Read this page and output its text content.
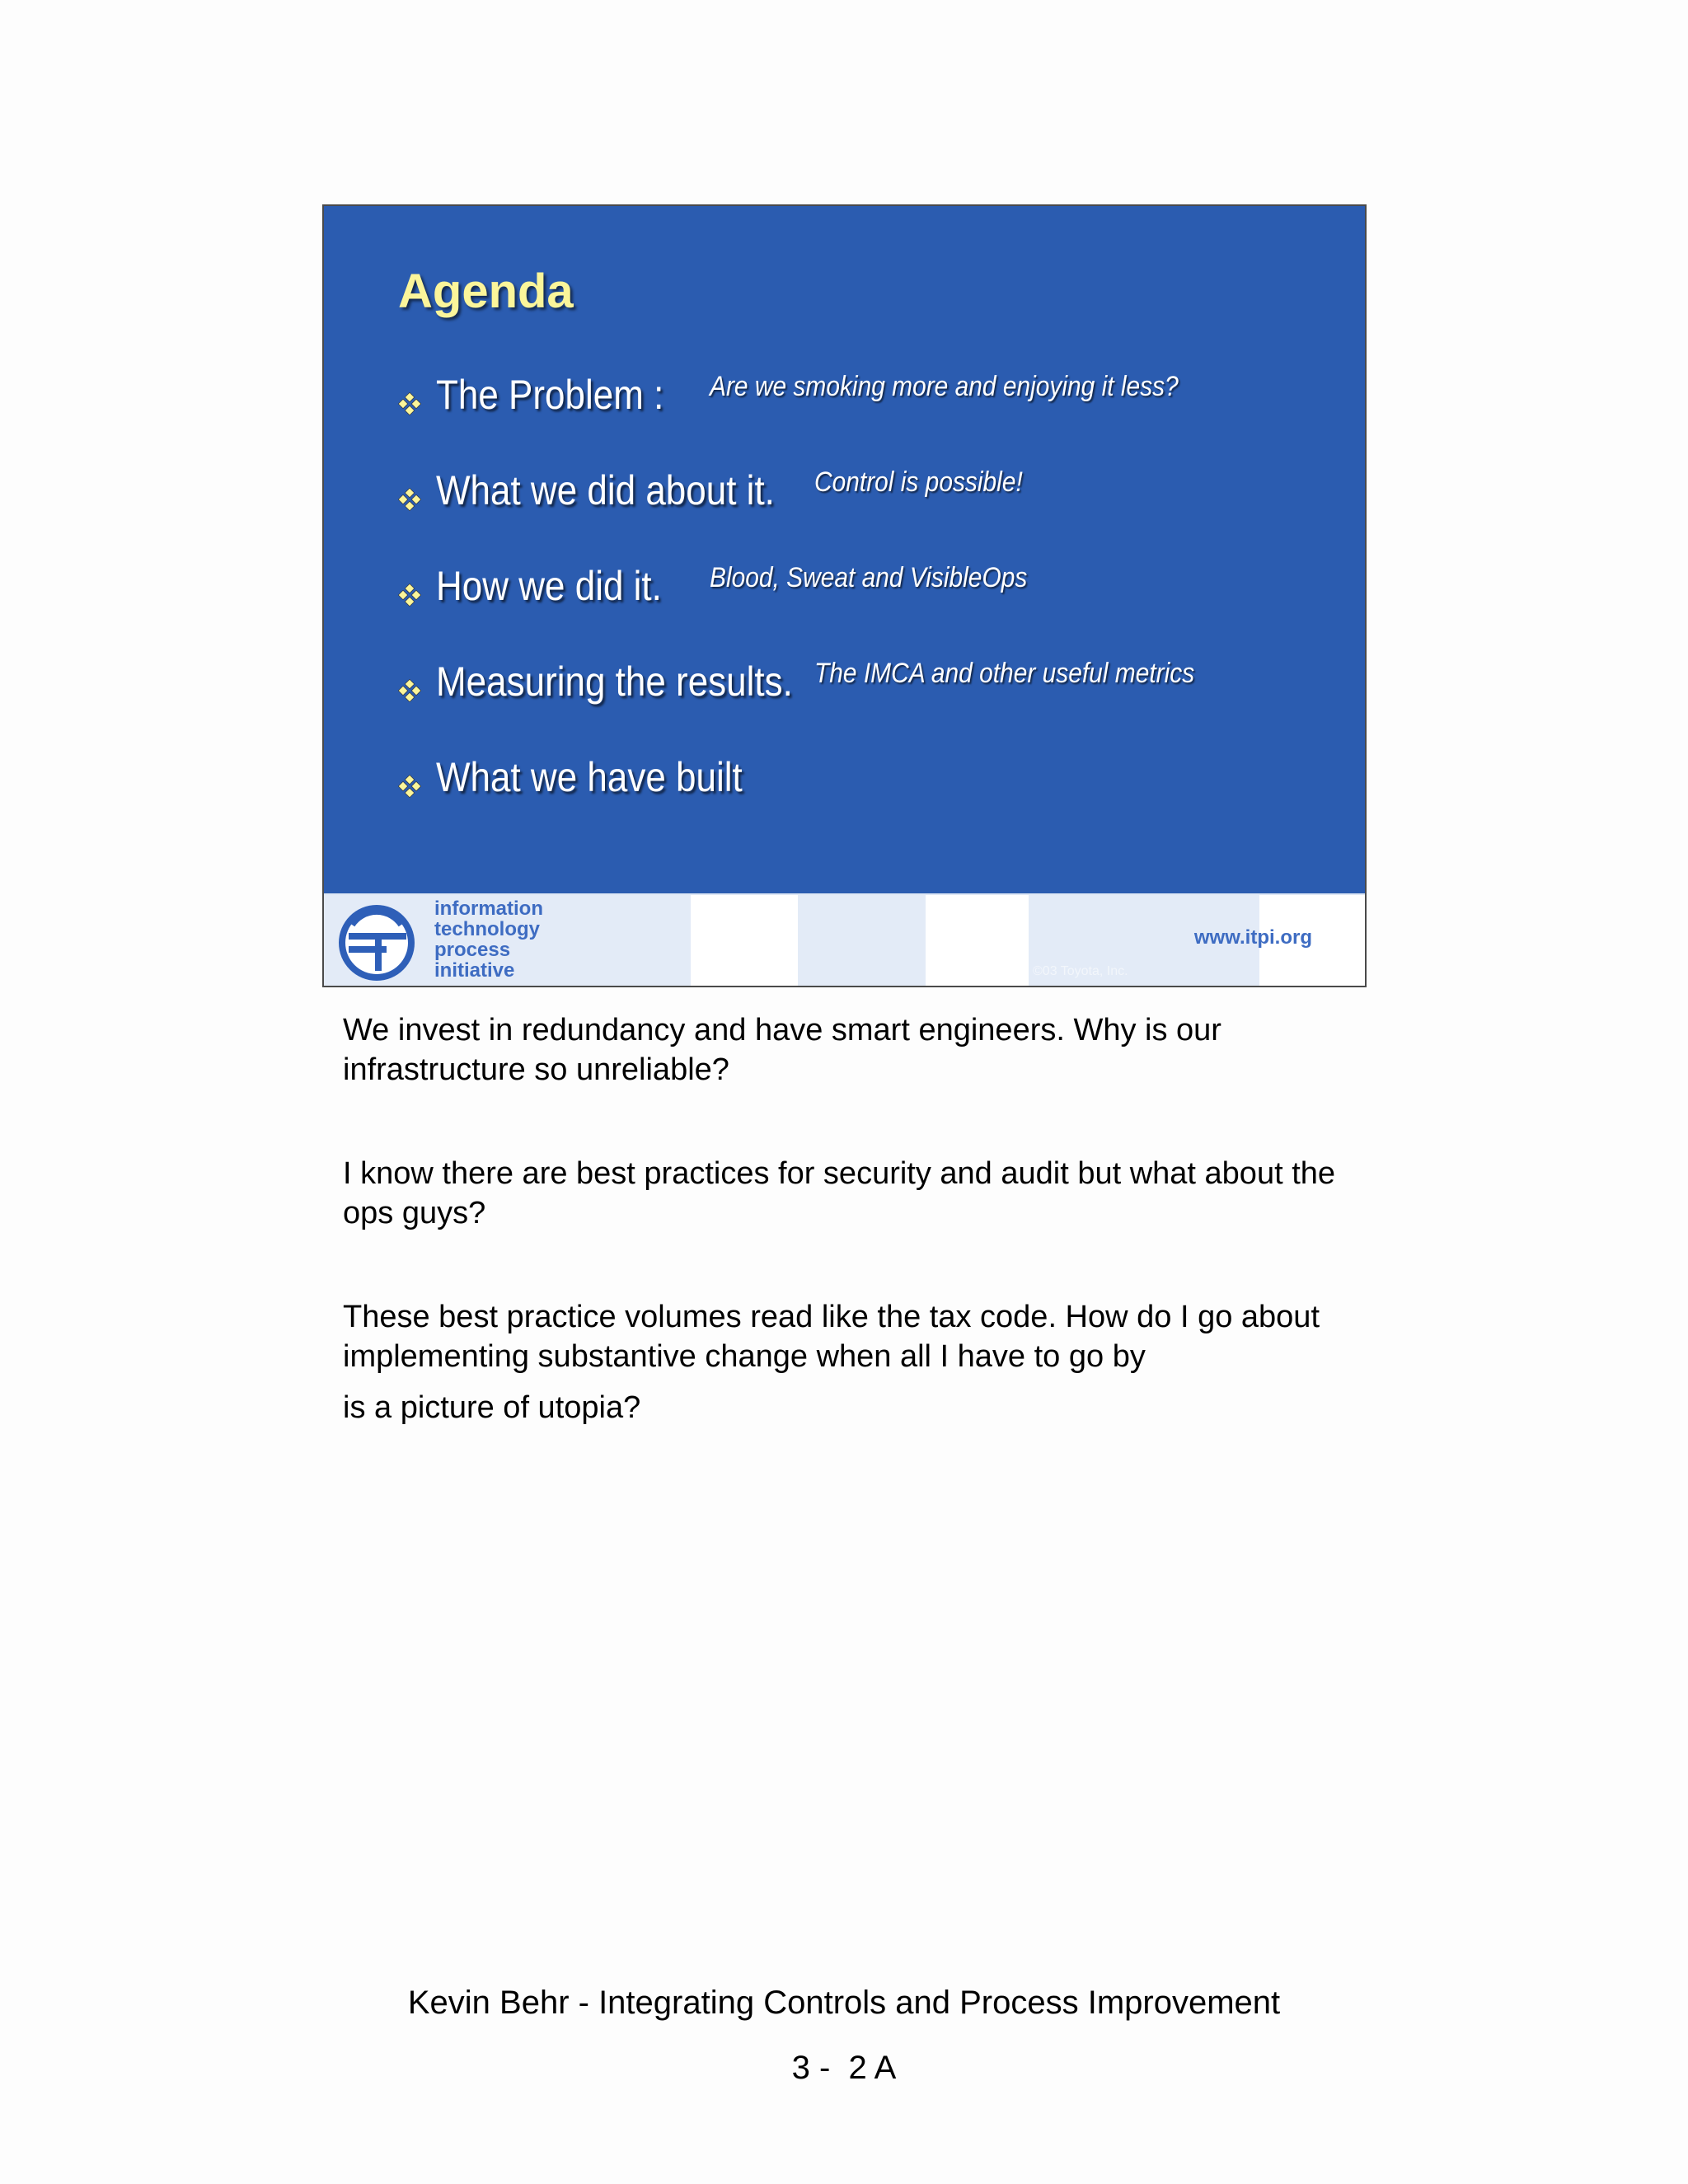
Agenda
The Problem : Are we smoking more and enjoying it less?
What we did about it. Control is possible!
How we did it. Blood, Sweat and VisibleOps
Measuring the results. The IMCA and other useful metrics
What we have built
information
technology
process
initiative
www.itpi.org
©03 Toyota, Inc.
We invest in redundancy and have smart engineers. Why is our infrastructure so unreliable?
I know there are best practices for security and audit but what about the ops guys?
These best practice volumes read like the tax code. How do I go about implementing substantive change when all I have to go by
is a picture of utopia?
Kevin Behr - Integrating Controls and Process Improvement
3 -  2 A
